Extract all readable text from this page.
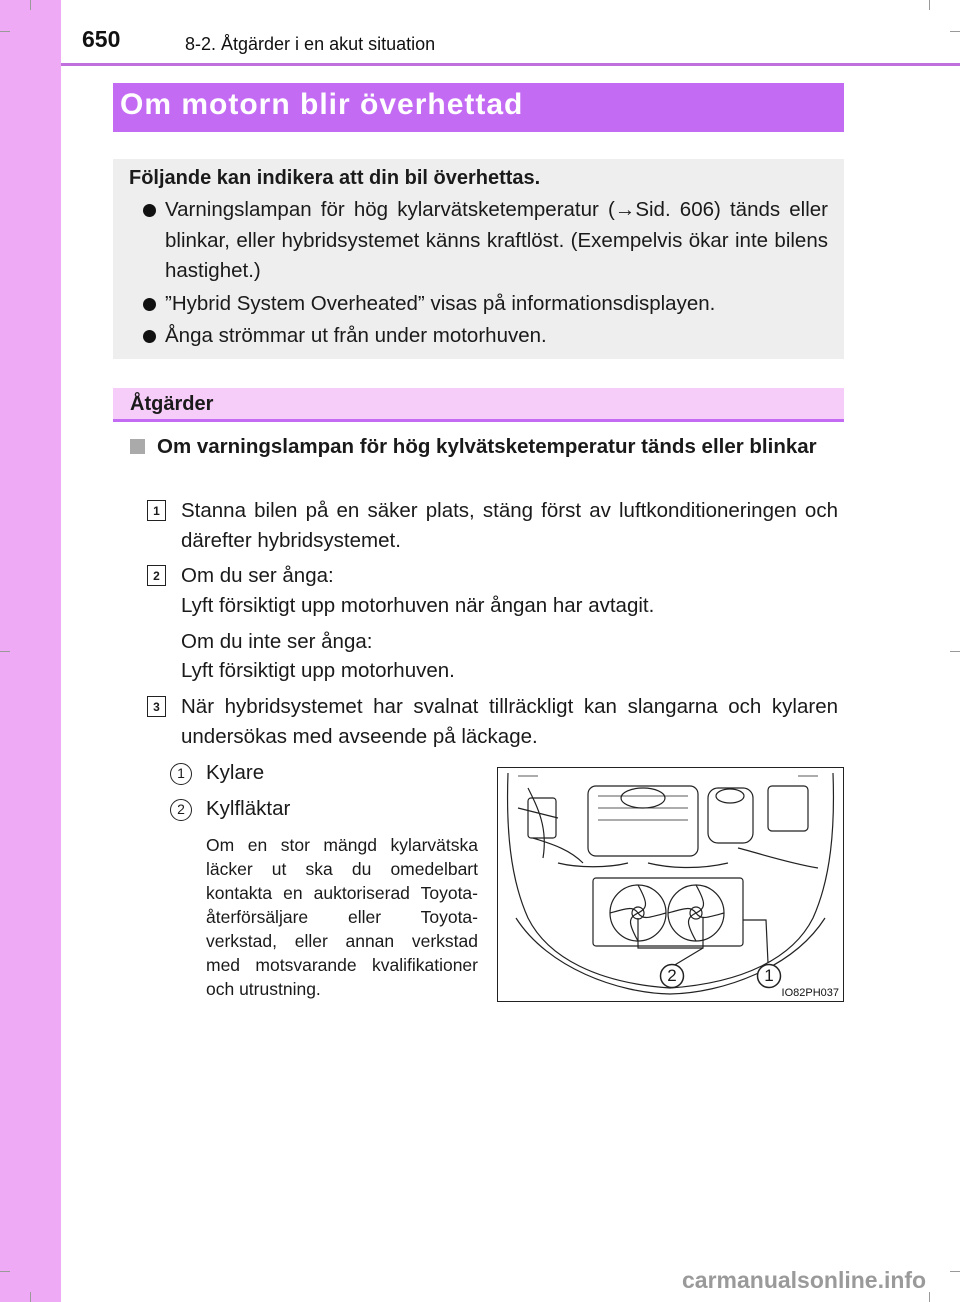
650	8-2. Åtgärder i en akut situation
Om motorn blir överhettad
Följande kan indikera att din bil överhettas.
Varningslampan för hög kylarvätsketemperatur (→Sid. 606) tänds eller blinkar, eller hybridsystemet känns kraftlöst. (Exempelvis ökar inte bilens hastighet.)
”Hybrid System Overheated” visas på informationsdisplayen.
Ånga strömmar ut från under motorhuven.
Åtgärder
Om varningslampan för hög kylvätsketemperatur tänds eller blinkar
1	Stanna bilen på en säker plats, stäng först av luftkonditioneringen och därefter hybridsystemet.
2	Om du ser ånga:
Lyft försiktigt upp motorhuven när ångan har avtagit.
Om du inte ser ånga:
Lyft försiktigt upp motorhuven.
3	När hybridsystemet har svalnat tillräckligt kan slangarna och kylaren undersökas med avseende på läckage.
1	Kylare
2	Kylfläktar
Om en stor mängd kylarvätska läcker ut ska du omedelbart kontakta en auktoriserad Toyota-återförsäljare eller Toyota-verkstad, eller annan verkstad med motsvarande kvalifikationer och utrustning.
2	1
IO82PH037
carmanualsonline.info
